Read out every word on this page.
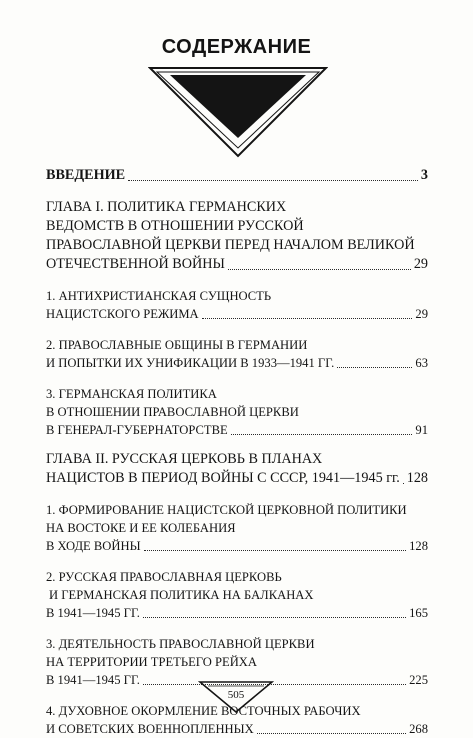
СОДЕРЖАНИЕ
ВВЕДЕНИЕ	3
ГЛАВА I. ПОЛИТИКА ГЕРМАНСКИХ
ВЕДОМСТВ В ОТНОШЕНИИ РУССКОЙ
ПРАВОСЛАВНОЙ ЦЕРКВИ ПЕРЕД НАЧАЛОМ ВЕЛИКОЙ
ОТЕЧЕСТВЕННОЙ ВОЙНЫ	29
1. АНТИХРИСТИАНСКАЯ СУЩНОСТЬ
НАЦИСТСКОГО РЕЖИМА	29
2. ПРАВОСЛАВНЫЕ ОБЩИНЫ В ГЕРМАНИИ
И ПОПЫТКИ ИХ УНИФИКАЦИИ В 1933—1941 ГГ.	63
3. ГЕРМАНСКАЯ ПОЛИТИКА
В ОТНОШЕНИИ ПРАВОСЛАВНОЙ ЦЕРКВИ
В ГЕНЕРАЛ-ГУБЕРНАТОРСТВЕ	91
ГЛАВА II. РУССКАЯ ЦЕРКОВЬ В ПЛАНАХ
НАЦИСТОВ В ПЕРИОД ВОЙНЫ С СССР, 1941—1945 гг. 128
1. ФОРМИРОВАНИЕ НАЦИСТСКОЙ ЦЕРКОВНОЙ ПОЛИТИКИ
НА ВОСТОКЕ И ЕЕ КОЛЕБАНИЯ
В ХОДЕ ВОЙНЫ	128
2. РУССКАЯ ПРАВОСЛАВНАЯ ЦЕРКОВЬ
И ГЕРМАНСКАЯ ПОЛИТИКА НА БАЛКАНАХ
В 1941—1945 ГГ.	165
3. ДЕЯТЕЛЬНОСТЬ ПРАВОСЛАВНОЙ ЦЕРКВИ
НА ТЕРРИТОРИИ ТРЕТЬЕГО РЕЙХА
В 1941—1945 ГГ.	225
4. ДУХОВНОЕ ОКОРМЛЕНИЕ ВОСТОЧНЫХ РАБОЧИХ
И СОВЕТСКИХ ВОЕННОПЛЕННЫХ	268
505
